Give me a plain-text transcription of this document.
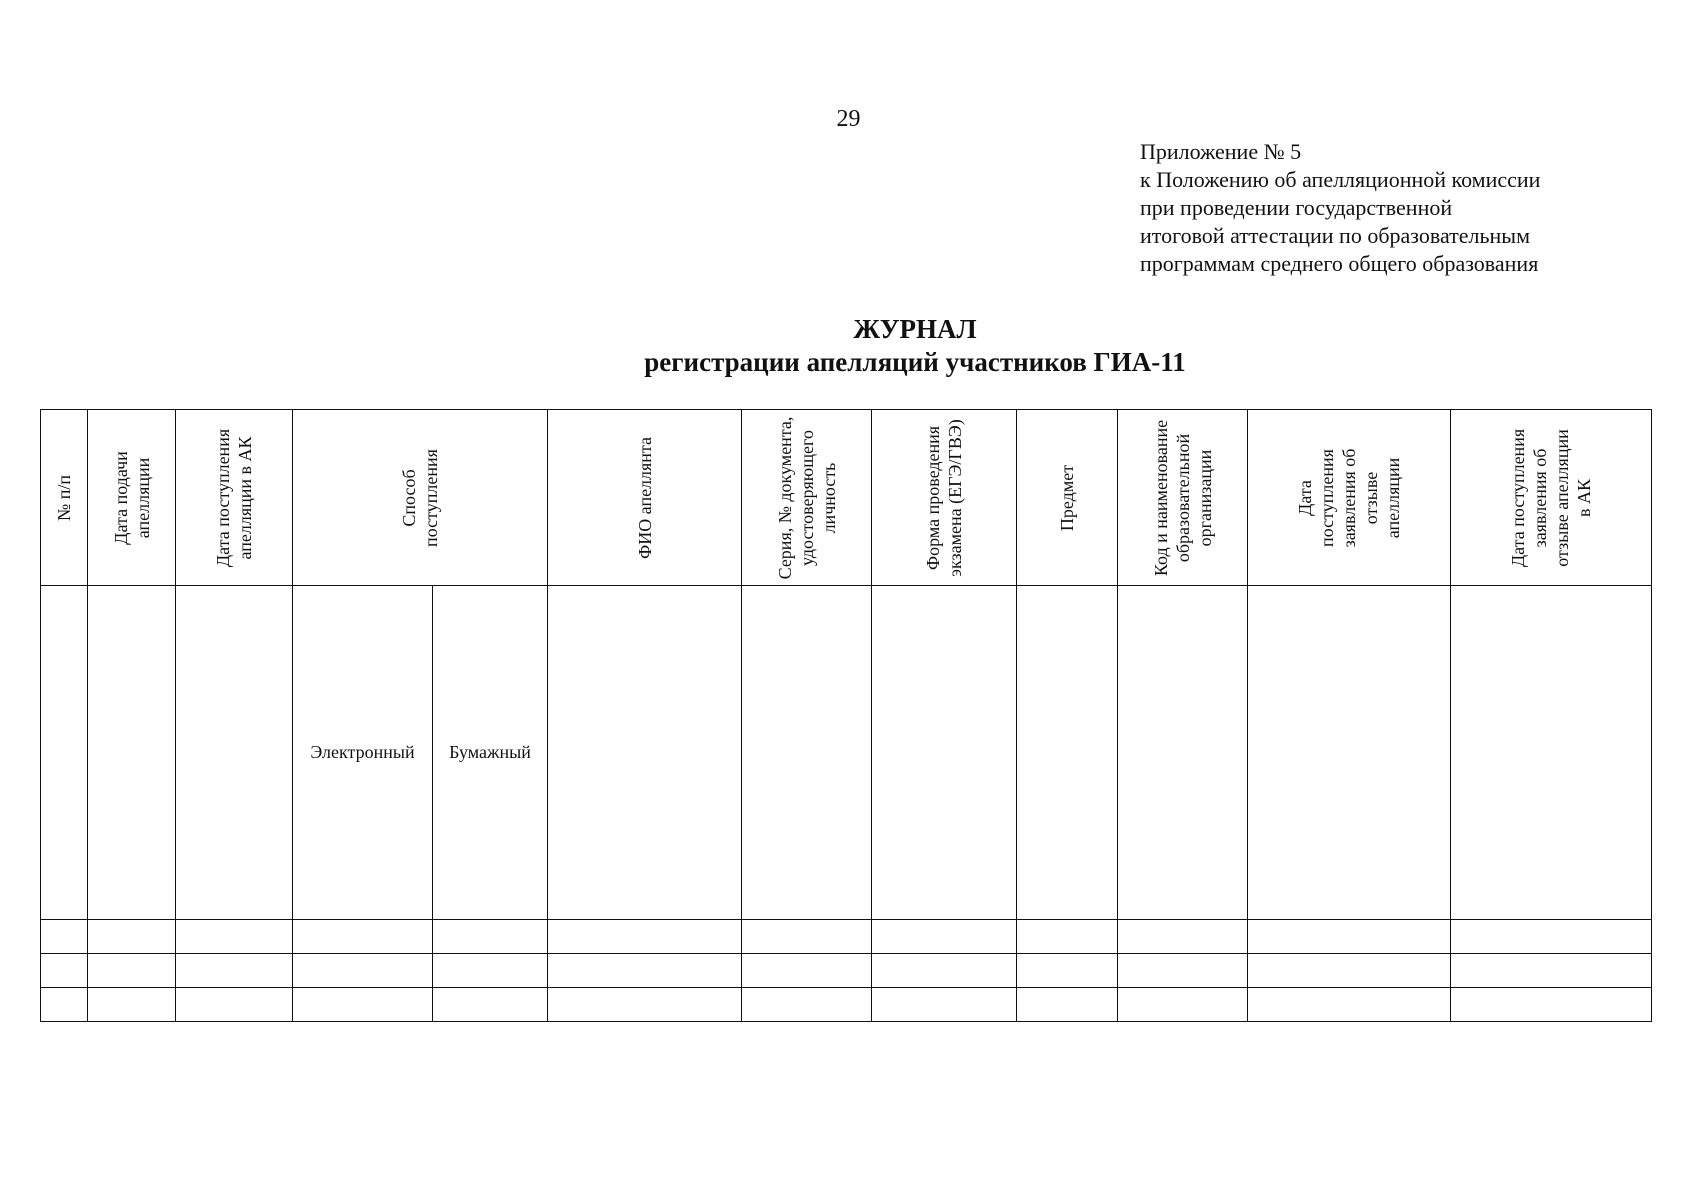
29
Приложение № 5
к Положению об апелляционной комиссии
при проведении государственной
итоговой аттестации по образовательным
программам среднего общего образования
ЖУРНАЛ
регистрации апелляций участников ГИА-11
№ п/п	Дата подачи апелляции	Дата поступления апелляции в АК	Способ поступления		ФИО апеллянта	Серия, № документа, удостоверяющего личность	Форма проведения экзамена (ЕГЭ/ГВЭ)	Предмет	Код и наименование образовательной организации	Дата поступления заявления об отзыве апелляции	Дата поступления заявления об отзыве апелляции в АК

			Электронный	Бумажный							
